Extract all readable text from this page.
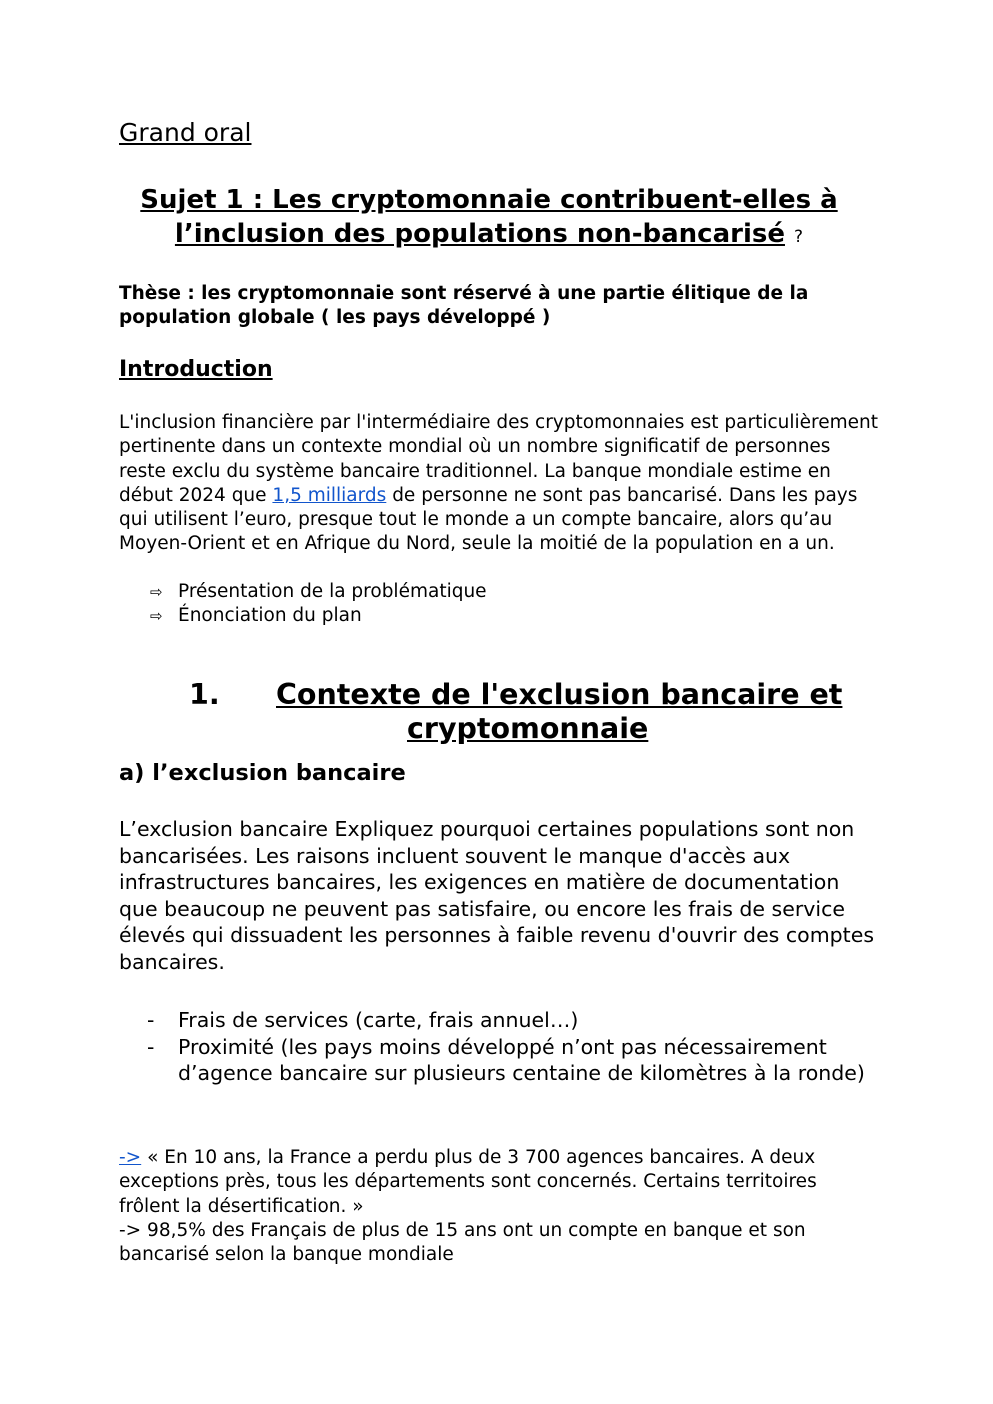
Grand oral
Sujet 1 : Les cryptomonnaie contribuent-elles à l’inclusion des populations non-bancarisé ?
Thèse : les cryptomonnaie sont réservé à une partie élitique de la population globale ( les pays développé )
Introduction
L'inclusion financière par l'intermédiaire des cryptomonnaies est particulièrement pertinente dans un contexte mondial où un nombre significatif de personnes reste exclu du système bancaire traditionnel. La banque mondiale estime en début 2024 que 1,5 milliards de personne ne sont pas bancarisé. Dans les pays qui utilisent l’euro, presque tout le monde a un compte bancaire, alors qu’au Moyen-Orient et en Afrique du Nord, seule la moitié de la population en a un.
⇨ Présentation de la problématique
⇨ Énonciation du plan
1. Contexte de l'exclusion bancaire et
cryptomonnaie
a) l’exclusion bancaire
L’exclusion bancaire Expliquez pourquoi certaines populations sont non bancarisées. Les raisons incluent souvent le manque d'accès aux infrastructures bancaires, les exigences en matière de documentation que beaucoup ne peuvent pas satisfaire, ou encore les frais de service élevés qui dissuadent les personnes à faible revenu d'ouvrir des comptes bancaires.
- Frais de services (carte, frais annuel…)
- Proximité (les pays moins développé n’ont pas nécessairement d’agence bancaire sur plusieurs centaine de kilomètres à la ronde)
-> « En 10 ans, la France a perdu plus de 3 700 agences bancaires. A deux exceptions près, tous les départements sont concernés. Certains territoires frôlent la désertification. »
-> 98,5% des Français de plus de 15 ans ont un compte en banque et son bancarisé selon la banque mondiale
